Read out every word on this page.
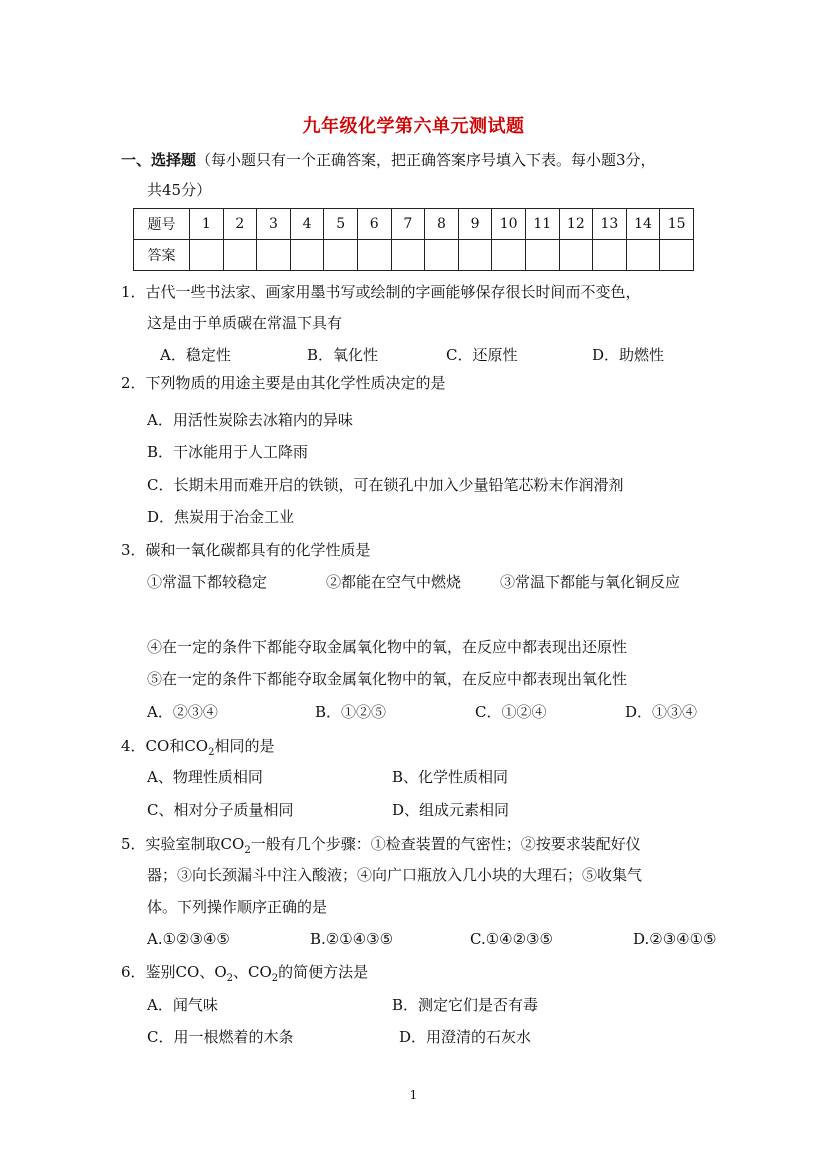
九年级化学第六单元测试题
一、选择题（每小题只有一个正确答案，把正确答案序号填入下表。每小题3分，
共45分）
题号	1	2	3	4	5	6	7	8	9	10	11	12	13	14	15
答案															
1．古代一些书法家、画家用墨书写或绘制的字画能够保存很长时间而不变色，
这是由于单质碳在常温下具有
A．稳定性	B．氧化性	C．还原性	D．助燃性
2．下列物质的用途主要是由其化学性质决定的是
A．用活性炭除去冰箱内的异味
B．干冰能用于人工降雨
C．长期未用而难开启的铁锁，可在锁孔中加入少量铅笔芯粉末作润滑剂
D．焦炭用于冶金工业
3．碳和一氧化碳都具有的化学性质是
①常温下都较稳定	②都能在空气中燃烧	③常温下都能与氧化铜反应
④在一定的条件下都能夺取金属氧化物中的氧，在反应中都表现出还原性
⑤在一定的条件下都能夺取金属氧化物中的氧，在反应中都表现出氧化性
A．②③④	B．①②⑤	C．①②④	D．①③④
4．CO和$CO_2$相同的是
A、物理性质相同	B、化学性质相同
C、相对分子质量相同	D、组成元素相同
5．实验室制取$CO_2$一般有几个步骤：①检查装置的气密性；②按要求装配好仪
器；③向长颈漏斗中注入酸液；④向广口瓶放入几小块的大理石；⑤收集气
体。下列操作顺序正确的是
A.①②③④⑤	B.②①④③⑤	C.①④②③⑤	D.②③④①⑤
6．鉴别CO、$O_2$、$CO_2$的简便方法是
A．闻气味	B．测定它们是否有毒
C．用一根燃着的木条	D．用澄清的石灰水
1
